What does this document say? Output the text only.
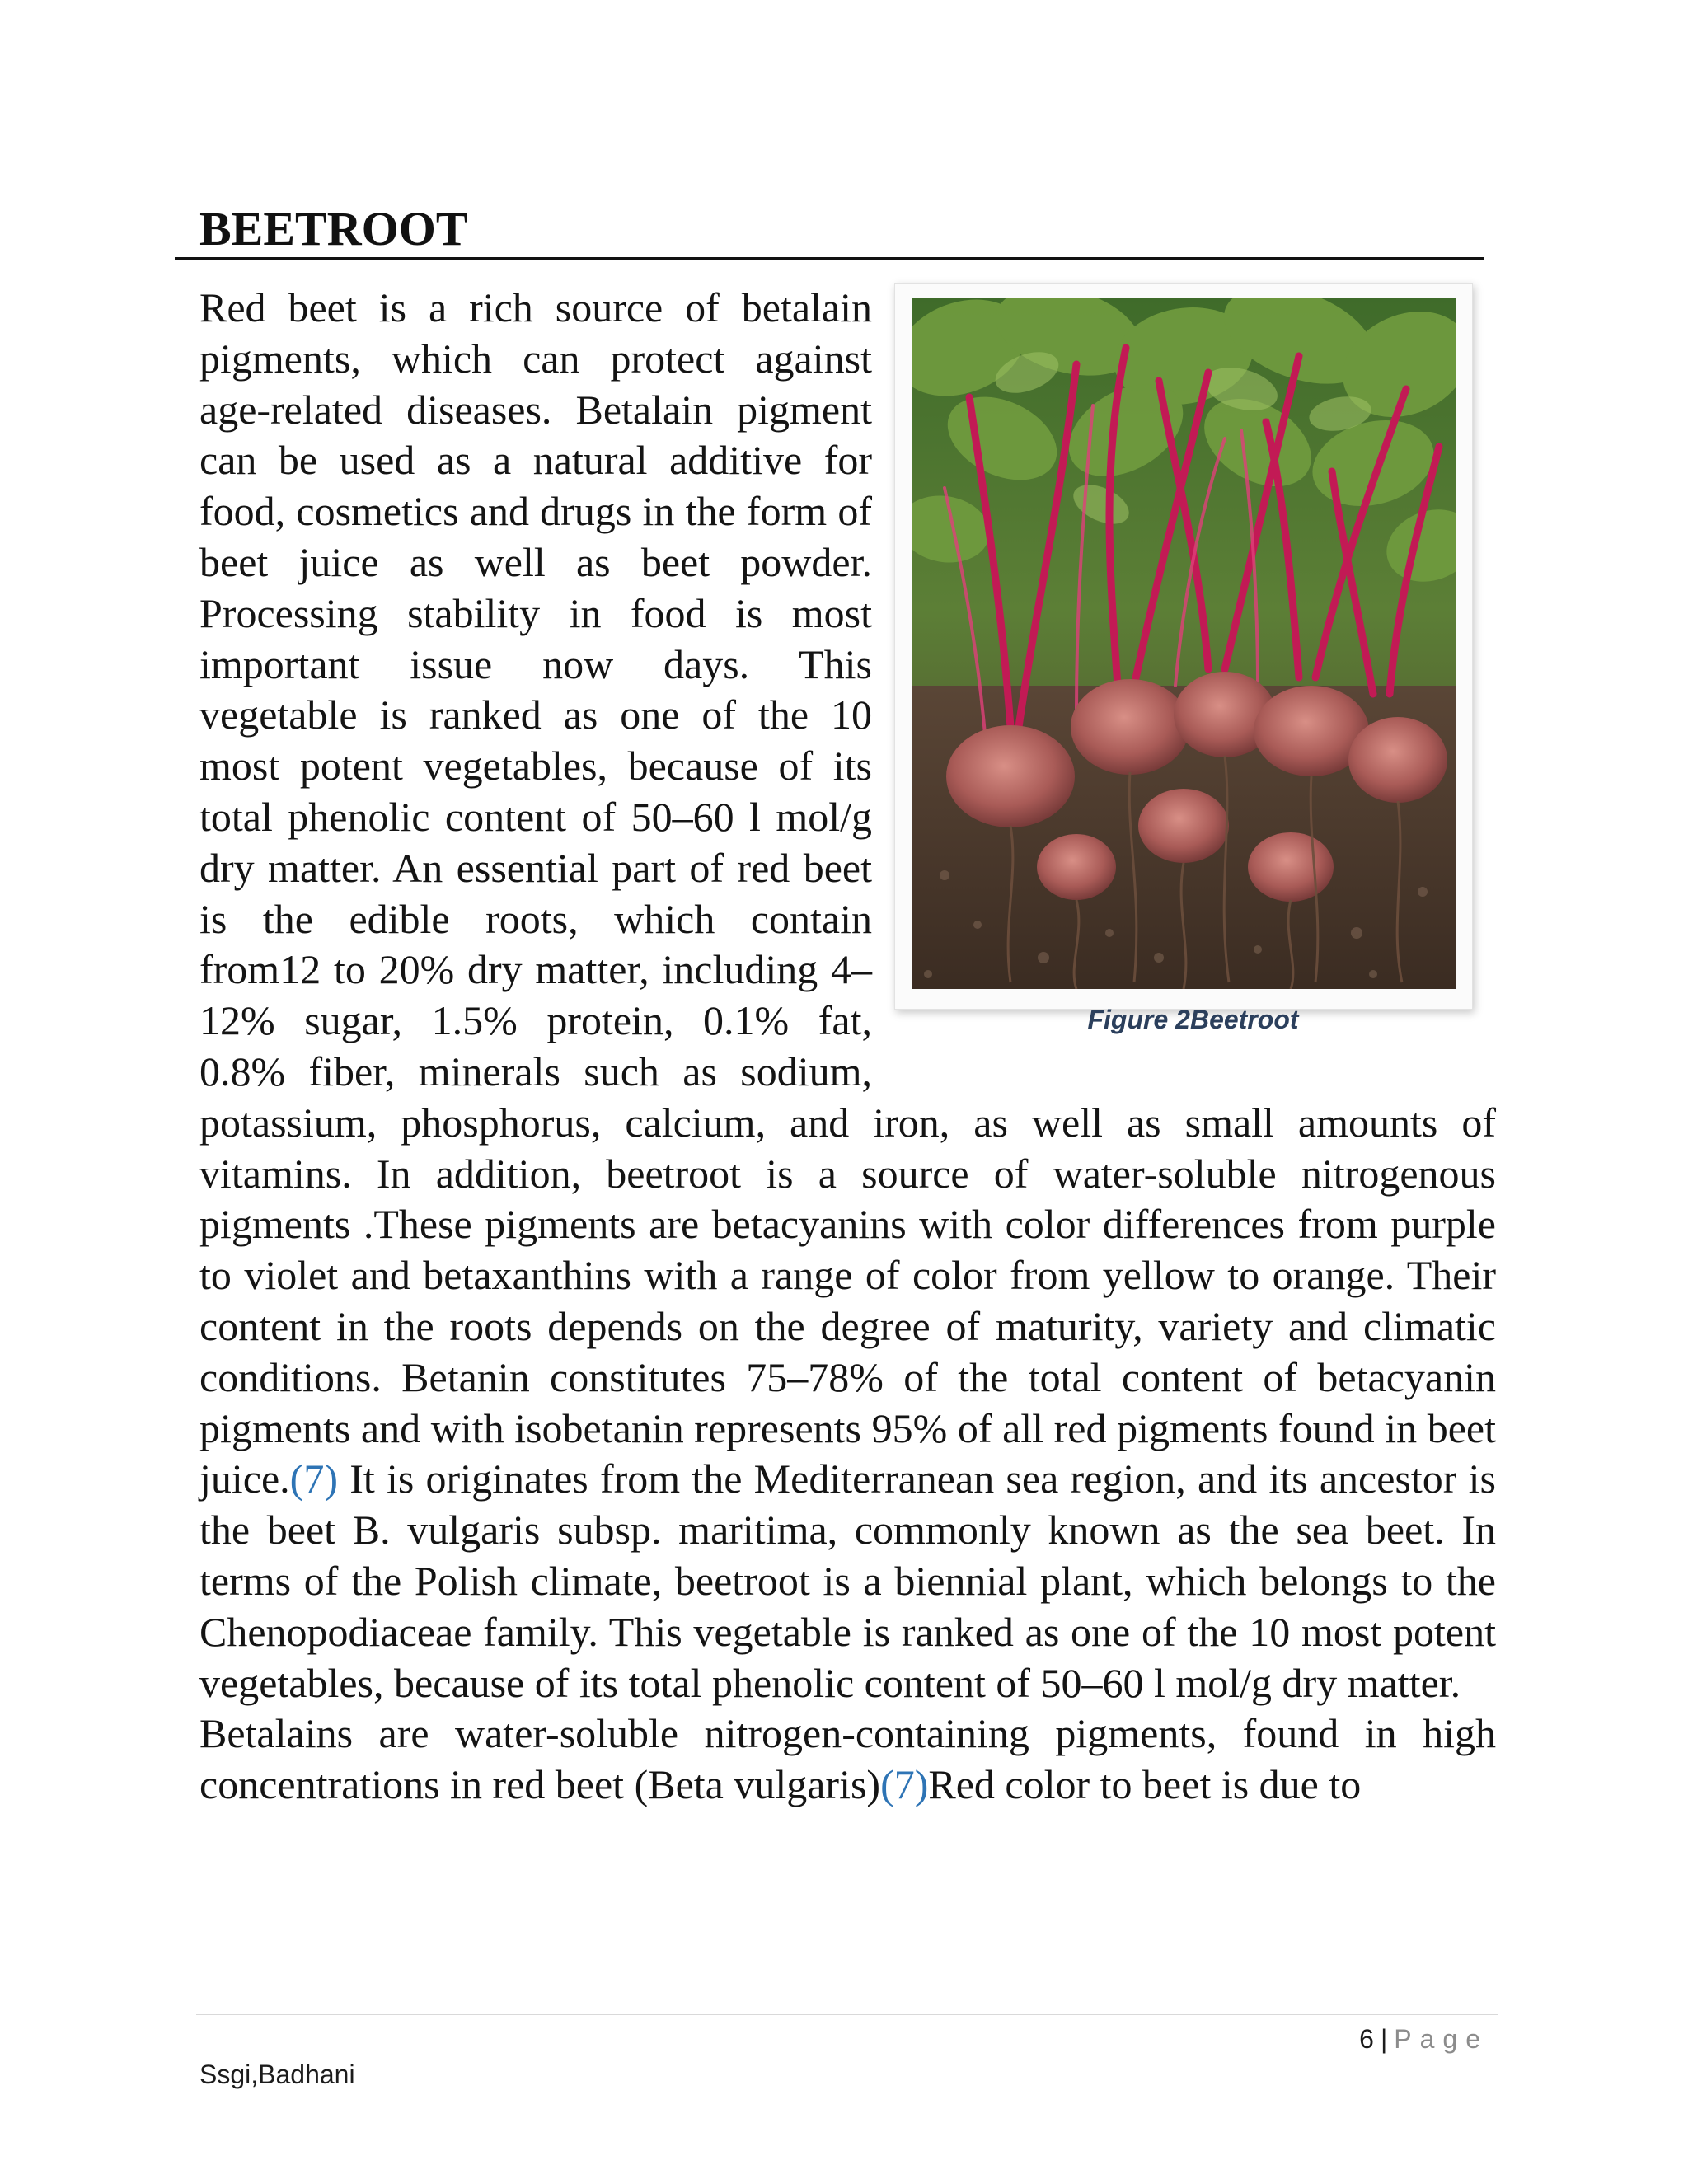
BEETROOT
Figure 2Beetroot
Red beet is a rich source of betalain pigments, which can protect against age-related diseases. Betalain pigment can be used as a natural additive for food, cosmetics and drugs in the form of beet juice as well as beet powder. Processing stability in food is most important issue now days. This vegetable is ranked as one of the 10 most potent vegetables, because of its total phenolic content of 50–60 l mol/g dry matter. An essential part of red beet is the edible roots, which contain from12 to 20% dry matter, including 4–12% sugar, 1.5% protein, 0.1% fat, 0.8% fiber, minerals such as sodium, potassium, phosphorus, calcium, and iron, as well as small amounts of vitamins. In addition, beetroot is a source of water-soluble nitrogenous pigments .These pigments are betacyanins with color differences from purple to violet and betaxanthins with a range of color from yellow to orange. Their content in the roots depends on the degree of maturity, variety and climatic conditions. Betanin constitutes 75–78% of the total content of betacyanin pigments and with isobetanin represents 95% of all red pigments found in beet juice.(7) It is originates from the Mediterranean sea region, and its ancestor is the beet B. vulgaris subsp. maritima, commonly known as the sea beet. In terms of the Polish climate, beetroot is a biennial plant, which belongs to the Chenopodiaceae family. This vegetable is ranked as one of the 10 most potent vegetables, because of its total phenolic content of 50–60 l mol/g dry matter.
Betalains are water-soluble nitrogen-containing pigments, found in high concentrations in red beet (Beta vulgaris)(7)Red color to beet is due to
6 | Page
Ssgi,Badhani
